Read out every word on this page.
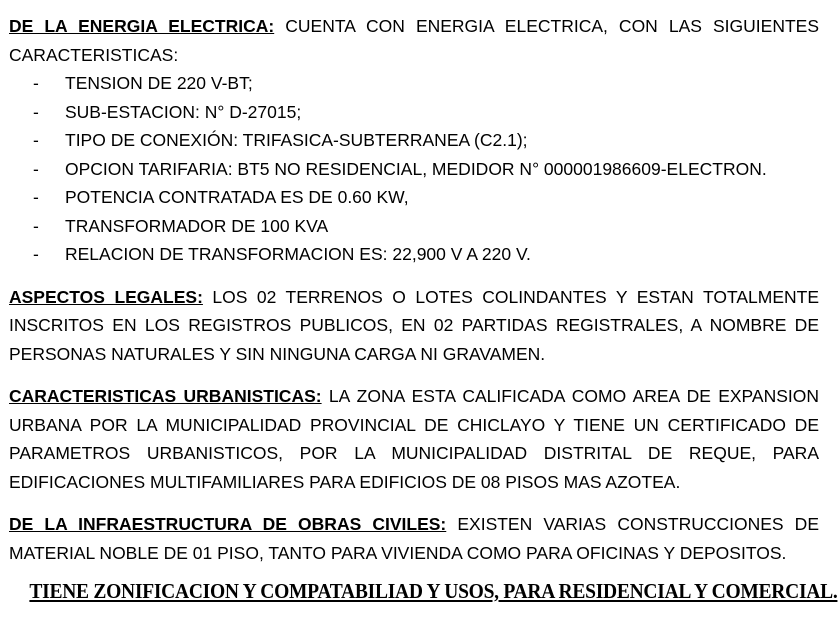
DE LA ENERGIA ELECTRICA: CUENTA CON ENERGIA ELECTRICA, CON LAS SIGUIENTES CARACTERISTICAS:

- TENSION DE 220 V-BT;
- SUB-ESTACION: N° D-27015;
- TIPO DE CONEXIÓN: TRIFASICA-SUBTERRANEA (C2.1);
- OPCION TARIFARIA: BT5 NO RESIDENCIAL, MEDIDOR N° 000001986609-ELECTRON.
- POTENCIA CONTRATADA ES DE 0.60 KW,
- TRANSFORMADOR DE 100 KVA
- RELACION DE TRANSFORMACION ES: 22,900 V A 220 V.

ASPECTOS LEGALES: LOS 02 TERRENOS O LOTES COLINDANTES Y ESTAN TOTALMENTE INSCRITOS EN LOS REGISTROS PUBLICOS, EN 02 PARTIDAS REGISTRALES, A NOMBRE DE PERSONAS NATURALES Y SIN NINGUNA CARGA NI GRAVAMEN.

CARACTERISTICAS URBANISTICAS: LA ZONA ESTA CALIFICADA COMO AREA DE EXPANSION URBANA POR LA MUNICIPALIDAD PROVINCIAL DE CHICLAYO Y TIENE UN CERTIFICADO DE PARAMETROS URBANISTICOS, POR LA MUNICIPALIDAD DISTRITAL DE REQUE, PARA EDIFICACIONES MULTIFAMILIARES PARA EDIFICIOS DE 08 PISOS MAS AZOTEA.

DE LA INFRAESTRUCTURA DE OBRAS CIVILES: EXISTEN VARIAS CONSTRUCCIONES DE MATERIAL NOBLE DE 01 PISO, TANTO PARA VIVIENDA COMO PARA OFICINAS Y DEPOSITOS.

TIENE ZONIFICACION Y COMPATABILIAD Y USOS, PARA RESIDENCIAL Y COMERCIAL.
